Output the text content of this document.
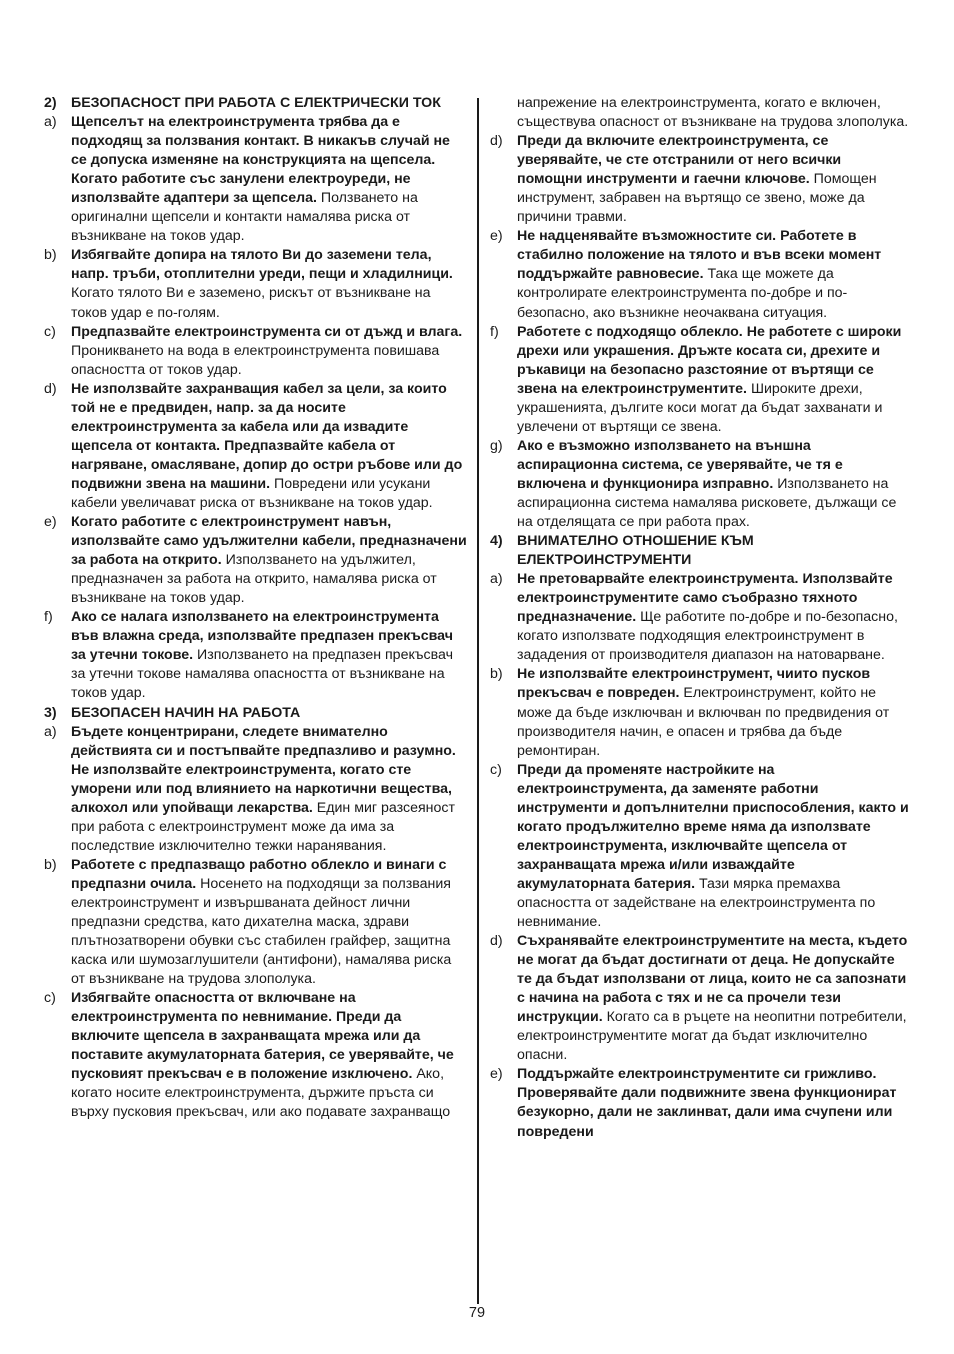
2)	БЕЗОПАСНОСТ ПРИ РАБОТА С ЕЛЕКТРИЧЕСКИ ТОК
a)	Щепселът на електроинструмента трябва да е подходящ за ползвания контакт. В никакъв случай не се допуска изменяне на конструкцията на щепсела. Когато работите със занулени електроуреди, не използвайте адаптери за щепсела. Ползването на оригинални щепсели и контакти намалява риска от възникване на токов удар.
b)	Избягвайте допира на тялото Ви до заземени тела, напр. тръби, отоплителни уреди, пещи и хладилници. Когато тялото Ви е заземено, рискът от възникване на токов удар е по-голям.
c)	Предпазвайте електроинструмента си от дъжд и влага. Проникването на вода в електроинструмента повишава опасността от токов удар.
d)	Не използвайте захранващия кабел за цели, за които той не е предвиден, напр. за да носите електроинструмента за кабела или да извадите щепсела от контакта. Предпазвайте кабела от нагряване, омасляване, допир до остри ръбове или до подвижни звена на машини. Повредени или усукани кабели увеличават риска от възникване на токов удар.
e)	Когато работите с електроинструмент навън, използвайте само удължителни кабели, предназначени за работа на открито. Използването на удължител, предназначен за работа на открито, намалява риска от възникване на токов удар.
f)	Ако се налага използването на електроинструмента във влажна среда, използвайте предпазен прекъсвач за утечни токове. Използването на предпазен прекъсвач за утечни токове намалява опасността от възникване на токов удар.
3)	БЕЗОПАСЕН НАЧИН НА РАБОТА
a)	Бъдете концентрирани, следете внимателно действията си и постъпвайте предпазливо и разумно. Не използвайте електроинструмента, когато сте уморени или под влиянието на наркотични вещества, алкохол или упойващи лекарства. Един миг разсеяност при работа с електроинструмент може да има за последствие изключително тежки наранявания.
b)	Работете с предпазващо работно облекло и винаги с предпазни очила. Носенето на подходящи за ползвания електроинструмент и извършваната дейност лични предпазни средства, като дихателна маска, здрави плътнозатворени обувки със стабилен грайфер, защитна каска или шумозаглушители (антифони), намалява риска от възникване на трудова злополука.
c)	Избягвайте опасността от включване на електроинструмента по невнимание. Преди да включите щепсела в захранващата мрежа или да поставите акумулаторната батерия, се уверявайте, че пусковият прекъсвач е в положение изключено. Ако, когато носите електроинструмента, държите пръста си върху пусковия прекъсвач, или ако подавате захранващо
напрежение на електроинструмента, когато е включен, съществува опасност от възникване на трудова злополука.
d)	Преди да включите електроинструмента, се уверявайте, че сте отстранили от него всички помощни инструменти и гаечни ключове. Помощен инструмент, забравен на въртящо се звено, може да причини травми.
e)	Не надценявайте възможностите си. Работете в стабилно положение на тялото и във всеки момент поддържайте равновесие. Така ще можете да контролирате електроинструмента по-добре и по-безопасно, ако възникне неочаквана ситуация.
f)	Работете с подходящо облекло. Не работете с широки дрехи или украшения. Дръжте косата си, дрехите и ръкавици на безопасно разстояние от въртящи се звена на електроинструментите. Широките дрехи, украшенията, дългите коси могат да бъдат захванати и увлечени от въртящи се звена.
g)	Ако е възможно използването на външна аспирационна система, се уверявайте, че тя е включена и функционира изправно. Използването на аспирационна система намалява рисковете, дължащи се на отделящата се при работа прах.
4)	ВНИМАТЕЛНО ОТНОШЕНИЕ КЪМ ЕЛЕКТРОИНСТРУМЕНТИ
a)	Не претоварвайте електроинструмента. Използвайте електроинструментите само съобразно тяхното предназначение. Ще работите по-добре и по-безопасно, когато използвате подходящия електроинструмент в зададения от производителя диапазон на натоварване.
b)	Не използвайте електроинструмент, чиито пусков прекъсвач е повреден. Електроинструмент, който не може да бъде изключван и включван по предвидения от производителя начин, е опасен и трябва да бъде ремонтиран.
c)	Преди да променяте настройките на електроинструмента, да заменяте работни инструменти и допълнителни приспособления, както и когато продължително време няма да използвате електроинструмента, изключвайте щепсела от захранващата мрежа и/или изваждайте акумулаторната батерия. Тази мярка премахва опасността от задействане на електроинструмента по невнимание.
d)	Съхранявайте електроинструментите на места, където не могат да бъдат достигнати от деца. Не допускайте те да бъдат използвани от лица, които не са запознати с начина на работа с тях и не са прочели тези инструкции. Когато са в ръцете на неопитни потребители, електроинструментите могат да бъдат изключително опасни.
e)	Поддържайте електроинструментите си грижливо. Проверявайте дали подвижните звена функционират безукорно, дали не заклинват, дали има счупени или повредени
79
